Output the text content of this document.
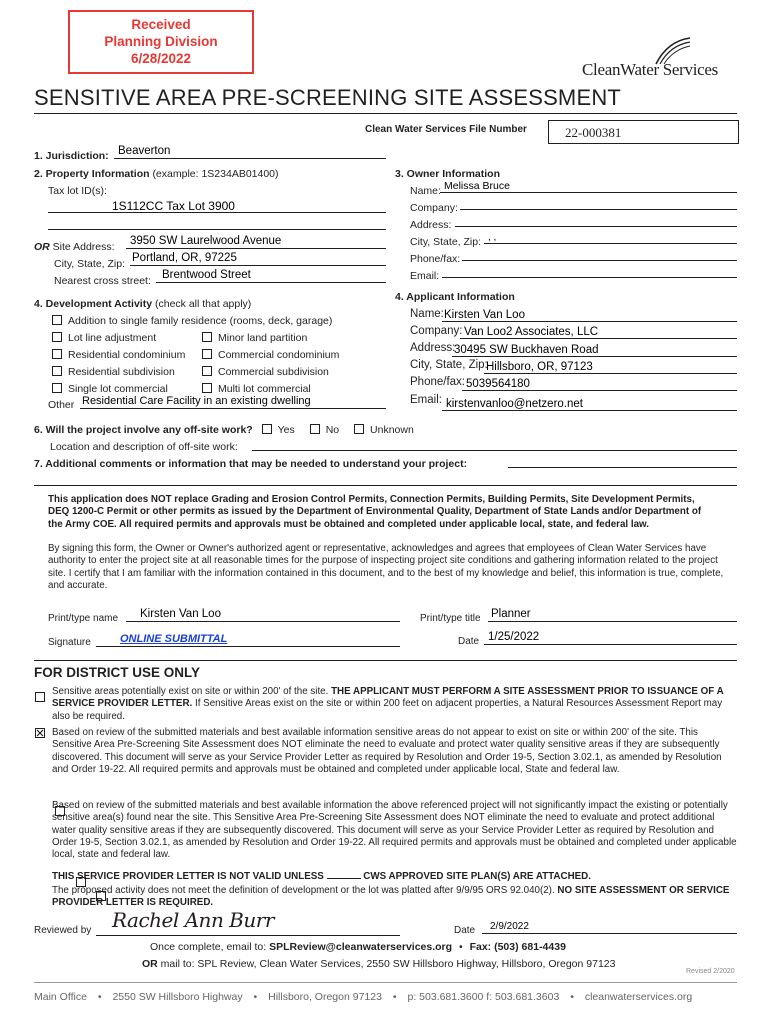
Received
Planning Division
6/28/2022
CleanWater Services
SENSITIVE AREA PRE-SCREENING SITE ASSESSMENT
Clean Water Services File Number	22-000381
1. Jurisdiction: Beaverton
2. Property Information (example: 1S234AB01400)
Tax lot ID(s):
1S112CC Tax Lot 3900
OR Site Address: 3950 SW Laurelwood Avenue
City, State, Zip: Portland, OR, 97225
Nearest cross street: Brentwood Street
3. Owner Information
Name: Melissa Bruce
Company:
Address:
City, State, Zip: , ,
Phone/fax:
Email:
4. Development Activity (check all that apply)
Addition to single family residence (rooms, deck, garage)
Lot line adjustment	Minor land partition
Residential condominium	Commercial condominium
Residential subdivision	Commercial subdivision
Single lot commercial	Multi lot commercial
Other Residential Care Facility in an existing dwelling
4. Applicant Information
Name: Kirsten Van Loo
Company: Van Loo2 Associates, LLC
Address:
30495 SW Buckhaven Road
City, State, Zip:
Hillsboro, OR, 97123
Phone/fax: 5039564180
Email: kirstenvanloo@netzero.net
6. Will the project involve any off-site work? Yes	No	Unknown
Location and description of off-site work:
7. Additional comments or information that may be needed to understand your project:
This application does NOT replace Grading and Erosion Control Permits, Connection Permits, Building Permits, Site Development Permits, DEQ 1200-C Permit or other permits as issued by the Department of Environmental Quality, Department of State Lands and/or Department of the Army COE. All required permits and approvals must be obtained and completed under applicable local, state, and federal law.
By signing this form, the Owner or Owner's authorized agent or representative, acknowledges and agrees that employees of Clean Water Services have authority to enter the project site at all reasonable times for the purpose of inspecting project site conditions and gathering information related to the project site. I certify that I am familiar with the information contained in this document, and to the best of my knowledge and belief, this information is true, complete, and accurate.
Print/type name Kirsten Van Loo	Print/type title Planner
Signature	ONLINE SUBMITTAL	Date 1/25/2022
FOR DISTRICT USE ONLY

Sensitive areas potentially exist on site or within 200' of the site. THE APPLICANT MUST PERFORM A SITE ASSESSMENT PRIOR TO ISSUANCE OF A SERVICE PROVIDER LETTER. If Sensitive Areas exist on the site or within 200 feet on adjacent properties, a Natural Resources Assessment Report may also be required.
Based on review of the submitted materials and best available information sensitive areas do not appear to exist on site or within 200' of the site. This Sensitive Area Pre-Screening Site Assessment does NOT eliminate the need to evaluate and protect water quality sensitive areas if they are subsequently discovered. This document will serve as your Service Provider Letter as required by Resolution and Order 19-5, Section 3.02.1, as amended by Resolution and Order 19-22. All required permits and approvals must be obtained and completed under applicable local, State and federal law.

Based on review of the submitted materials and best available information the above referenced project will not significantly impact the existing or potentially sensitive area(s) found near the site. This Sensitive Area Pre-Screening Site Assessment does NOT eliminate the need to evaluate and protect additional water quality sensitive areas if they are subsequently discovered. This document will serve as your Service Provider Letter as required by Resolution and Order 19-5, Section 3.02.1, as amended by Resolution and Order 19-22. All required permits and approvals must be obtained and completed under applicable local, state and federal law.

THIS SERVICE PROVIDER LETTER IS NOT VALID UNLESS	CWS APPROVED SITE PLAN(S) ARE ATTACHED.
The proposed activity does not meet the definition of development or the lot was platted after 9/9/95 ORS 92.040(2). NO SITE ASSESSMENT OR SERVICE PROVIDER LETTER IS REQUIRED.
Reviewed by Rachel Ann Burr	Date 2/9/2022
Once complete, email to: SPLReview@cleanwaterservices.org • Fax: (503) 681-4439
OR mail to: SPL Review, Clean Water Services, 2550 SW Hillsboro Highway, Hillsboro, Oregon 97123
Revised 2/2020
Main Office • 2550 SW Hillsboro Highway • Hillsboro, Oregon 97123 • p: 503.681.3600 f: 503.681.3603 • cleanwaterservices.org
